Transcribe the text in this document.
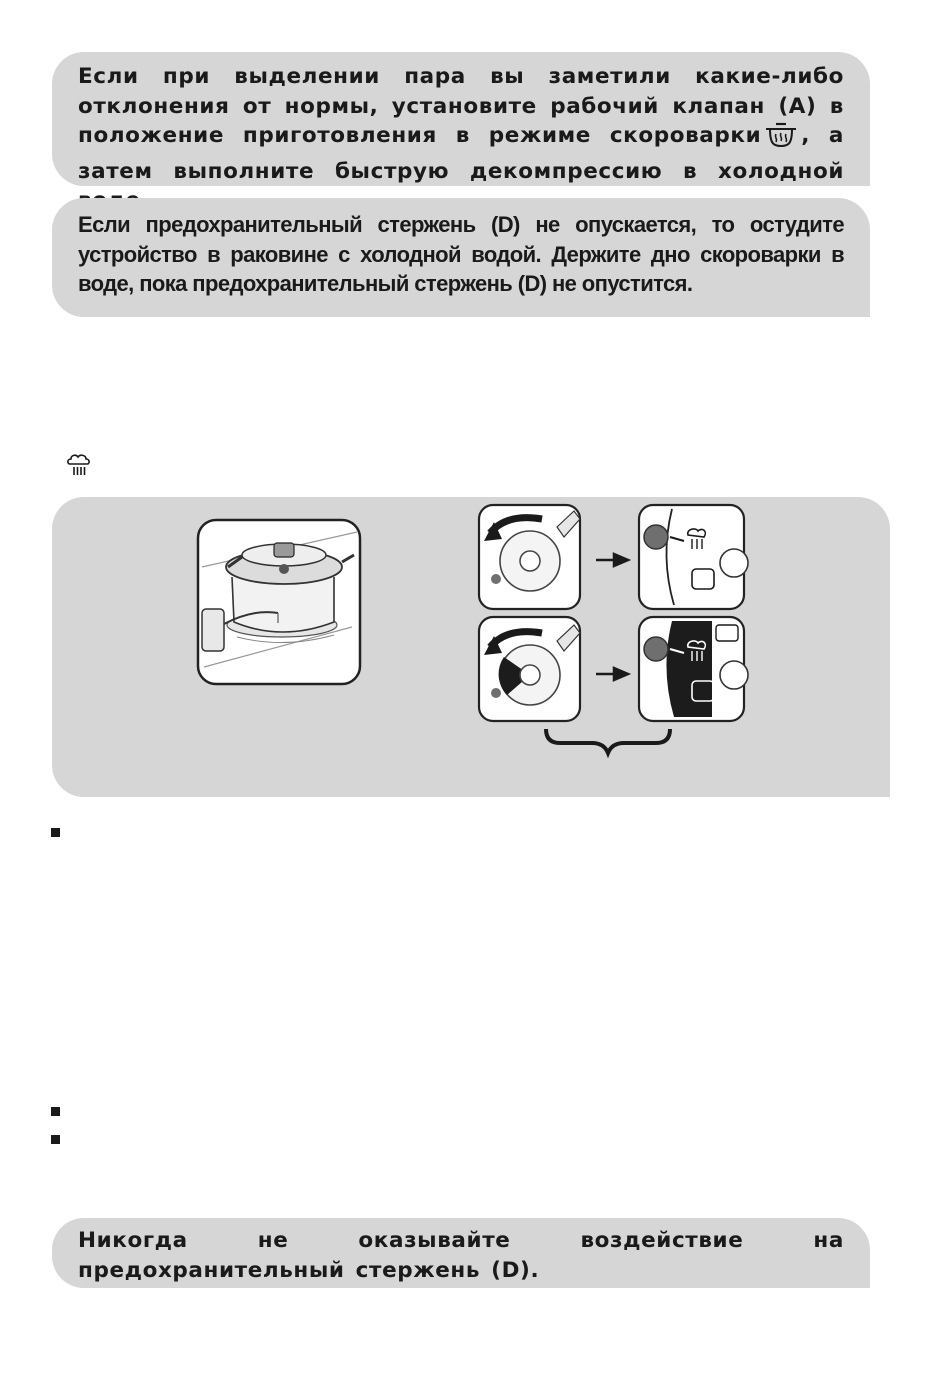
Если при выделении пара вы заметили какие-либо отклонения от нормы, установите рабочий клапан (А) в положение приготовления в режиме скороварки , а затем выполните быструю декомпрессию в холодной

Если предохранительный стержень (D) не опускается, то остудите устройство в раковине с холодной водой. Держите дно скороварки в воде, пока предохранительный стержень (D) не опустится.

Никогда не оказывайте воздействие на предохранительный стержень (D).
